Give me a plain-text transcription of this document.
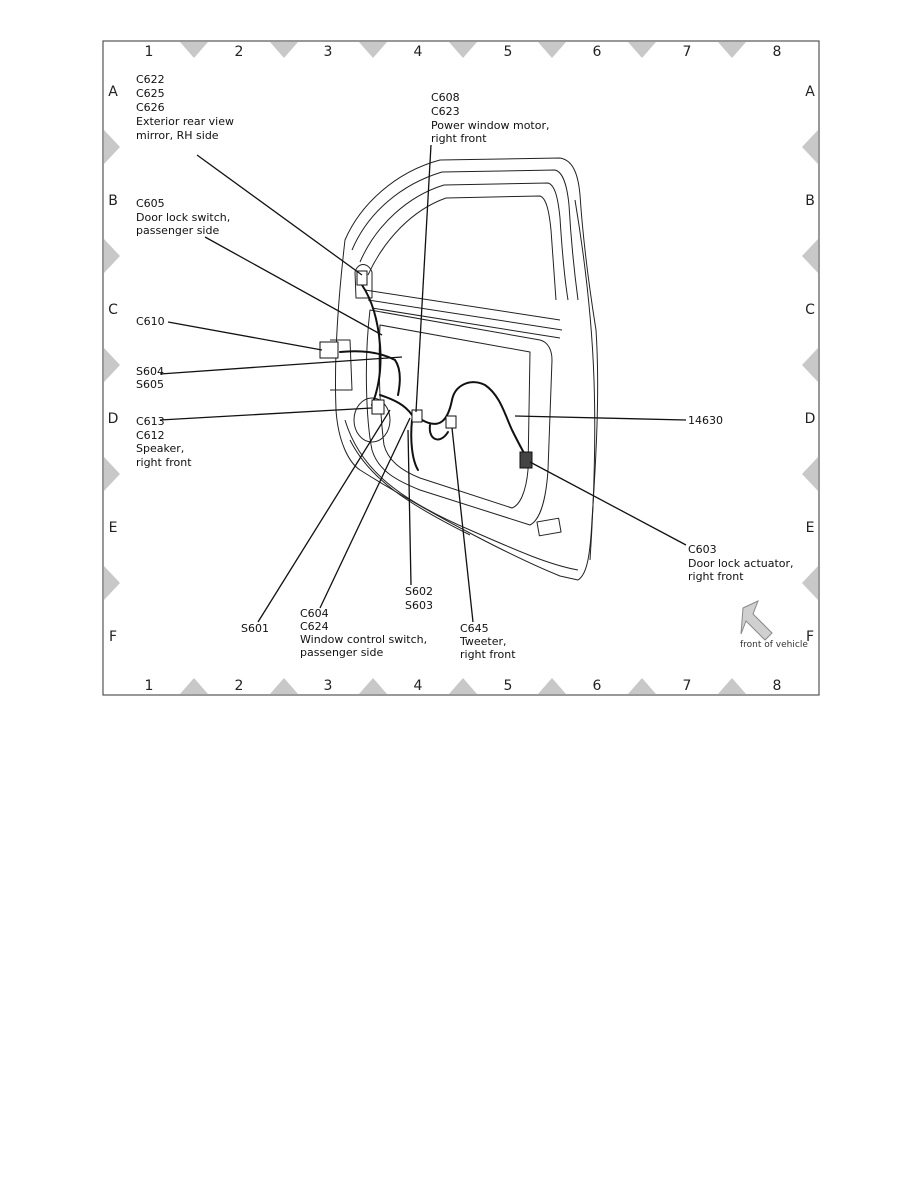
1	2	3	4	5	6	7	8
1	2	3	4	5	6	7	8
A
B
C
D
E
F
A
B
C
D
E
F
C622 C625 C626 Exterior rear view mirror, RH side
C608 C623 Power window motor, right front
C605 Door lock switch, passenger side
C610
S604 S605
C613 C612 Speaker, right front
14630
C603 Door lock actuator, right front
S601
C604 C624 Window control switch, passenger side
S602 S603
C645 Tweeter, right front
front of vehicle
